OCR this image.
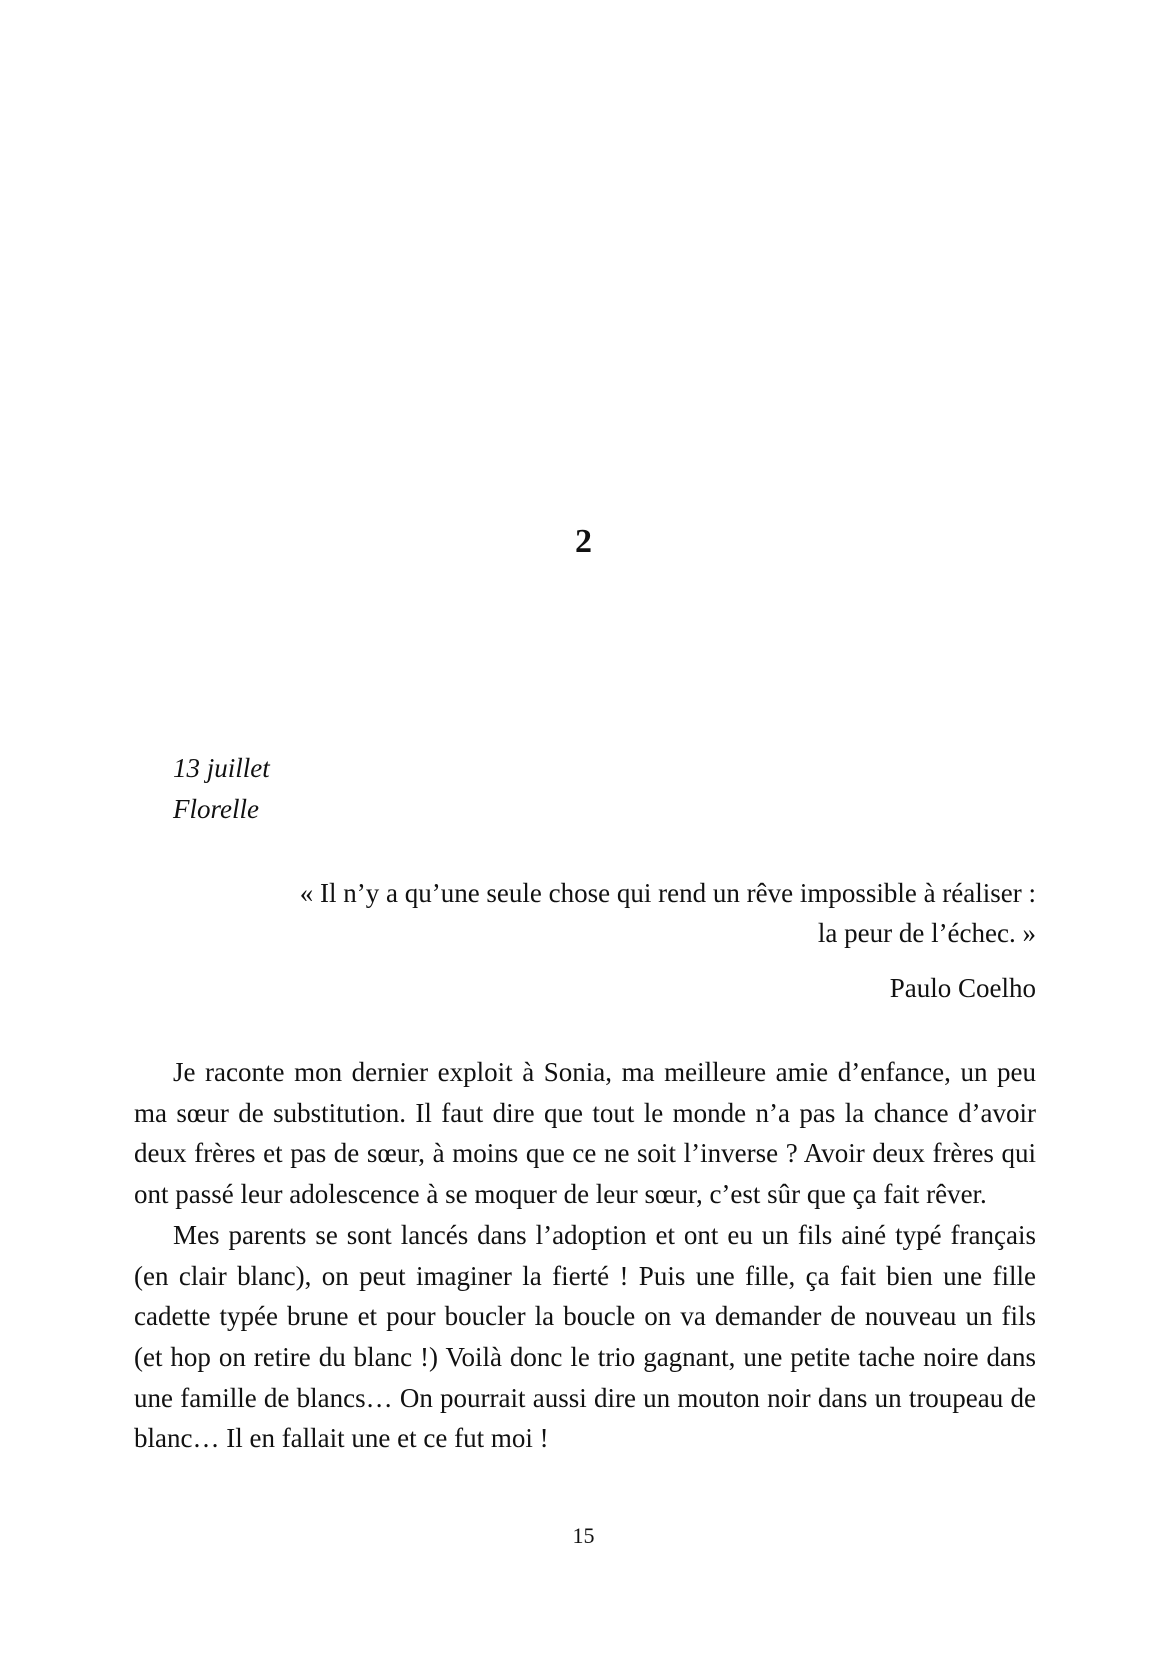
2

13 juillet

Florelle

« Il n’y a qu’une seule chose qui rend un rêve impossible à réaliser :
la peur de l’échec. »

Paulo Coelho

Je raconte mon dernier exploit à Sonia, ma meilleure amie d’enfance, un peu ma sœur de substitution. Il faut dire que tout le monde n’a pas la chance d’avoir deux frères et pas de sœur, à moins que ce ne soit l’inverse ? Avoir deux frères qui ont passé leur adolescence à se moquer de leur sœur, c’est sûr que ça fait rêver.

Mes parents se sont lancés dans l’adoption et ont eu un fils ainé typé français (en clair blanc), on peut imaginer la fierté ! Puis une fille, ça fait bien une fille cadette typée brune et pour boucler la boucle on va demander de nouveau un fils (et hop on retire du blanc !) Voilà donc le trio gagnant, une petite tache noire dans une famille de blancs… On pourrait aussi dire un mouton noir dans un troupeau de blanc… Il en fallait une et ce fut moi !

15
